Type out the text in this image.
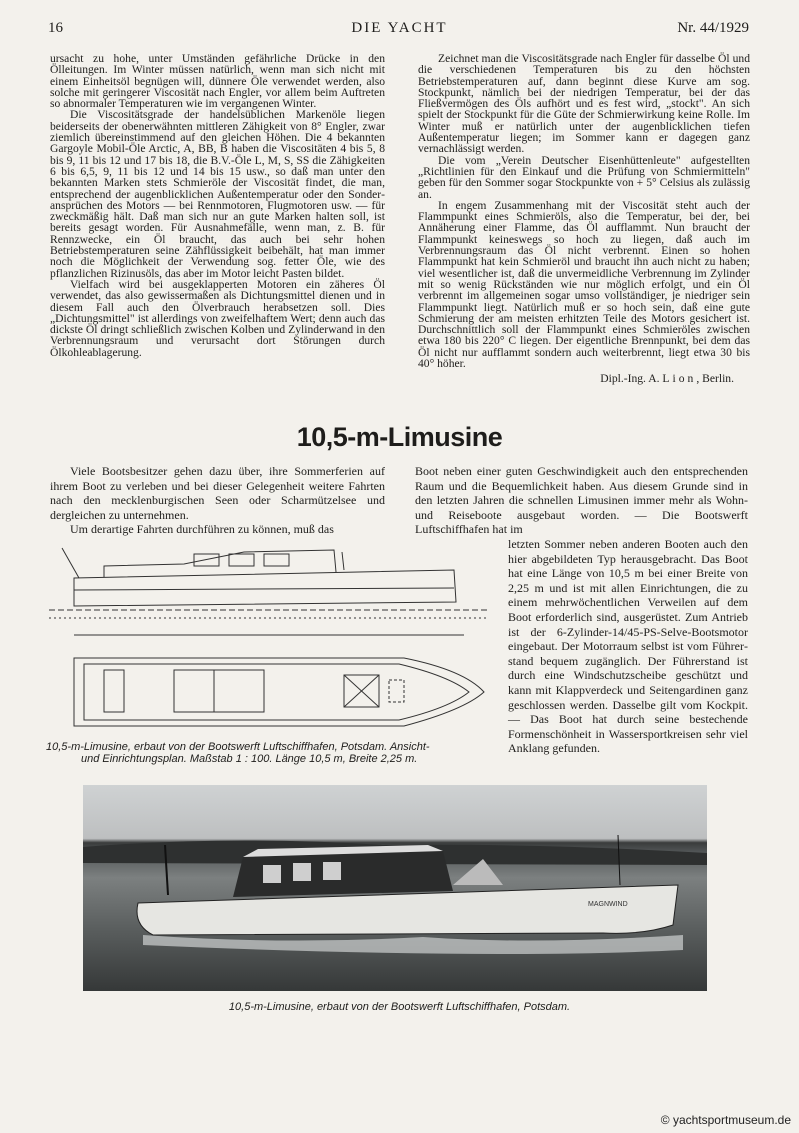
16	DIE YACHT	Nr. 44/1929

ursacht zu hohe, unter Umständen gefährliche Drücke in den Ölleitungen. Im Winter müssen natürlich, wenn man sich nicht mit einem Einheitsöl begnügen will, dünnere Öle verwendet werden, also solche mit geringerer Viscosität nach Engler, vor allem beim Auftreten so abnormaler Temperaturen wie im vergangenen Winter.

Die Viscositätsgrade der handelsüblichen Markenöle liegen beiderseits der obenerwähnten mittleren Zähigkeit von 8° Engler, zwar ziemlich übereinstimmend auf den gleichen Höhen. Die 4 bekannten Gargoyle Mobil-Öle Arctic, A, BB, B haben die Viscositäten 4 bis 5, 8 bis 9, 11 bis 12 und 17 bis 18, die B.V.-Öle L, M, S, SS die Zähigkeiten 6 bis 6,5, 9, 11 bis 12 und 14 bis 15 usw., so daß man unter den bekannten Marken stets Schmieröle der Viscosität findet, die man, entsprechend der augenblicklichen Außentemperatur oder den Sonderansprüchen des Motors — bei Rennmotoren, Flugmotoren usw. — für zweckmäßig hält. Daß man sich nur an gute Marken halten soll, ist bereits gesagt worden. Für Ausnahmefälle, wenn man, z. B. für Rennzwecke, ein Öl braucht, das auch bei sehr hohen Betriebstemperaturen seine Zähflüssigkeit beibehält, hat man immer noch die Möglichkeit der Verwendung sog. fetter Öle, wie des pflanzlichen Rizinusöls, das aber im Motor leicht Pasten bildet.

Vielfach wird bei ausgeklapperten Motoren ein zäheres Öl verwendet, das also gewissermaßen als Dichtungsmittel dienen und in diesem Fall auch den Ölverbrauch herabsetzen soll. Dies „Dichtungsmittel" ist allerdings von zweifelhaftem Wert; denn auch das dickste Öl dringt schließlich zwischen Kolben und Zylinderwand in den Verbrennungsraum und verursacht dort Störungen durch Ölkohleablagerung.

Zeichnet man die Viscositätsgrade nach Engler für dasselbe Öl und die verschiedenen Temperaturen bis zu den höchsten Betriebstemperaturen auf, dann beginnt diese Kurve am sog. Stockpunkt, nämlich bei der niedrigen Temperatur, bei der das Fließvermögen des Öls aufhört und es fest wird, „stockt". An sich spielt der Stockpunkt für die Güte der Schmierwirkung keine Rolle. Im Winter muß er natürlich unter der augenblicklichen tiefen Außentemperatur liegen; im Sommer kann er dagegen ganz vernachlässigt werden.

Die vom „Verein Deutscher Eisenhüttenleute" aufgestellten „Richtlinien für den Einkauf und die Prüfung von Schmiermitteln" geben für den Sommer sogar Stockpunkte von + 5° Celsius als zulässig an.

In engem Zusammenhang mit der Viscosität steht auch der Flammpunkt eines Schmieröls, also die Temperatur, bei der, bei Annäherung einer Flamme, das Öl aufflammt. Nun braucht der Flammpunkt keineswegs so hoch zu liegen, daß auch im Verbrennungsraum das Öl nicht verbrennt. Einen so hohen Flammpunkt hat kein Schmieröl und braucht ihn auch nicht zu haben; viel wesentlicher ist, daß die unvermeidliche Verbrennung im Zylinder mit so wenig Rückständen wie nur möglich erfolgt, und ein Öl verbrennt im allgemeinen sogar umso vollständiger, je niedriger sein Flammpunkt liegt. Natürlich muß er so hoch sein, daß eine gute Schmierung der am meisten erhitzten Teile des Motors gesichert ist. Durchschnittlich soll der Flammpunkt eines Schmieröles zwischen etwa 180 bis 220° C liegen. Der eigentliche Brennpunkt, bei dem das Öl nicht nur aufflammt sondern auch weiterbrennt, liegt etwa 30 bis 40° höher.

Dipl.-Ing. A. Lion, Berlin.

10,5-m-Limusine

Viele Bootsbesitzer gehen dazu über, ihre Sommerferien auf ihrem Boot zu verleben und bei dieser Gelegenheit weitere Fahrten nach den mecklenburgischen Seen oder Scharmützelsee und dergleichen zu unternehmen.

Um derartige Fahrten durchführen zu können, muß das

Boot neben einer guten Geschwindigkeit auch den entsprechenden Raum und die Bequemlichkeit haben. Aus diesem Grunde sind in den letzten Jahren die schnellen Limusinen immer mehr als Wohn- und Reiseboote ausgebaut worden. — Die Bootswerft Luftschiffhafen hat im

letzten Sommer neben anderen Booten auch den hier abgebildeten Typ herausgebracht. Das Boot hat eine Länge von 10,5 m bei einer Breite von 2,25 m und ist mit allen Einrichtungen, die zu einem mehrwöchentlichen Verweilen auf dem Boot erforderlich sind, ausgerüstet. Zum Antrieb ist der 6-Zylinder-14/45-PS-Selve-Bootsmotor eingebaut. Der Motorraum selbst ist vom Führerstand bequem zugänglich. Der Führerstand ist durch eine Windschutzscheibe geschützt und kann mit Klappverdeck und Seitengardinen ganz geschlossen werden. Dasselbe gilt vom Kockpit. — Das Boot hat durch seine bestechende Formenschönheit in Wassersportkreisen sehr viel Anklang gefunden.

10,5-m-Limusine, erbaut von der Bootswerft Luftschiffhafen, Potsdam. Ansicht-
und Einrichtungsplan. Maßstab 1 : 100. Länge 10,5 m, Breite 2,25 m.
MAGNWIND
10,5-m-Limusine, erbaut von der Bootswerft Luftschiffhafen, Potsdam.
© yachtsportmuseum.de
